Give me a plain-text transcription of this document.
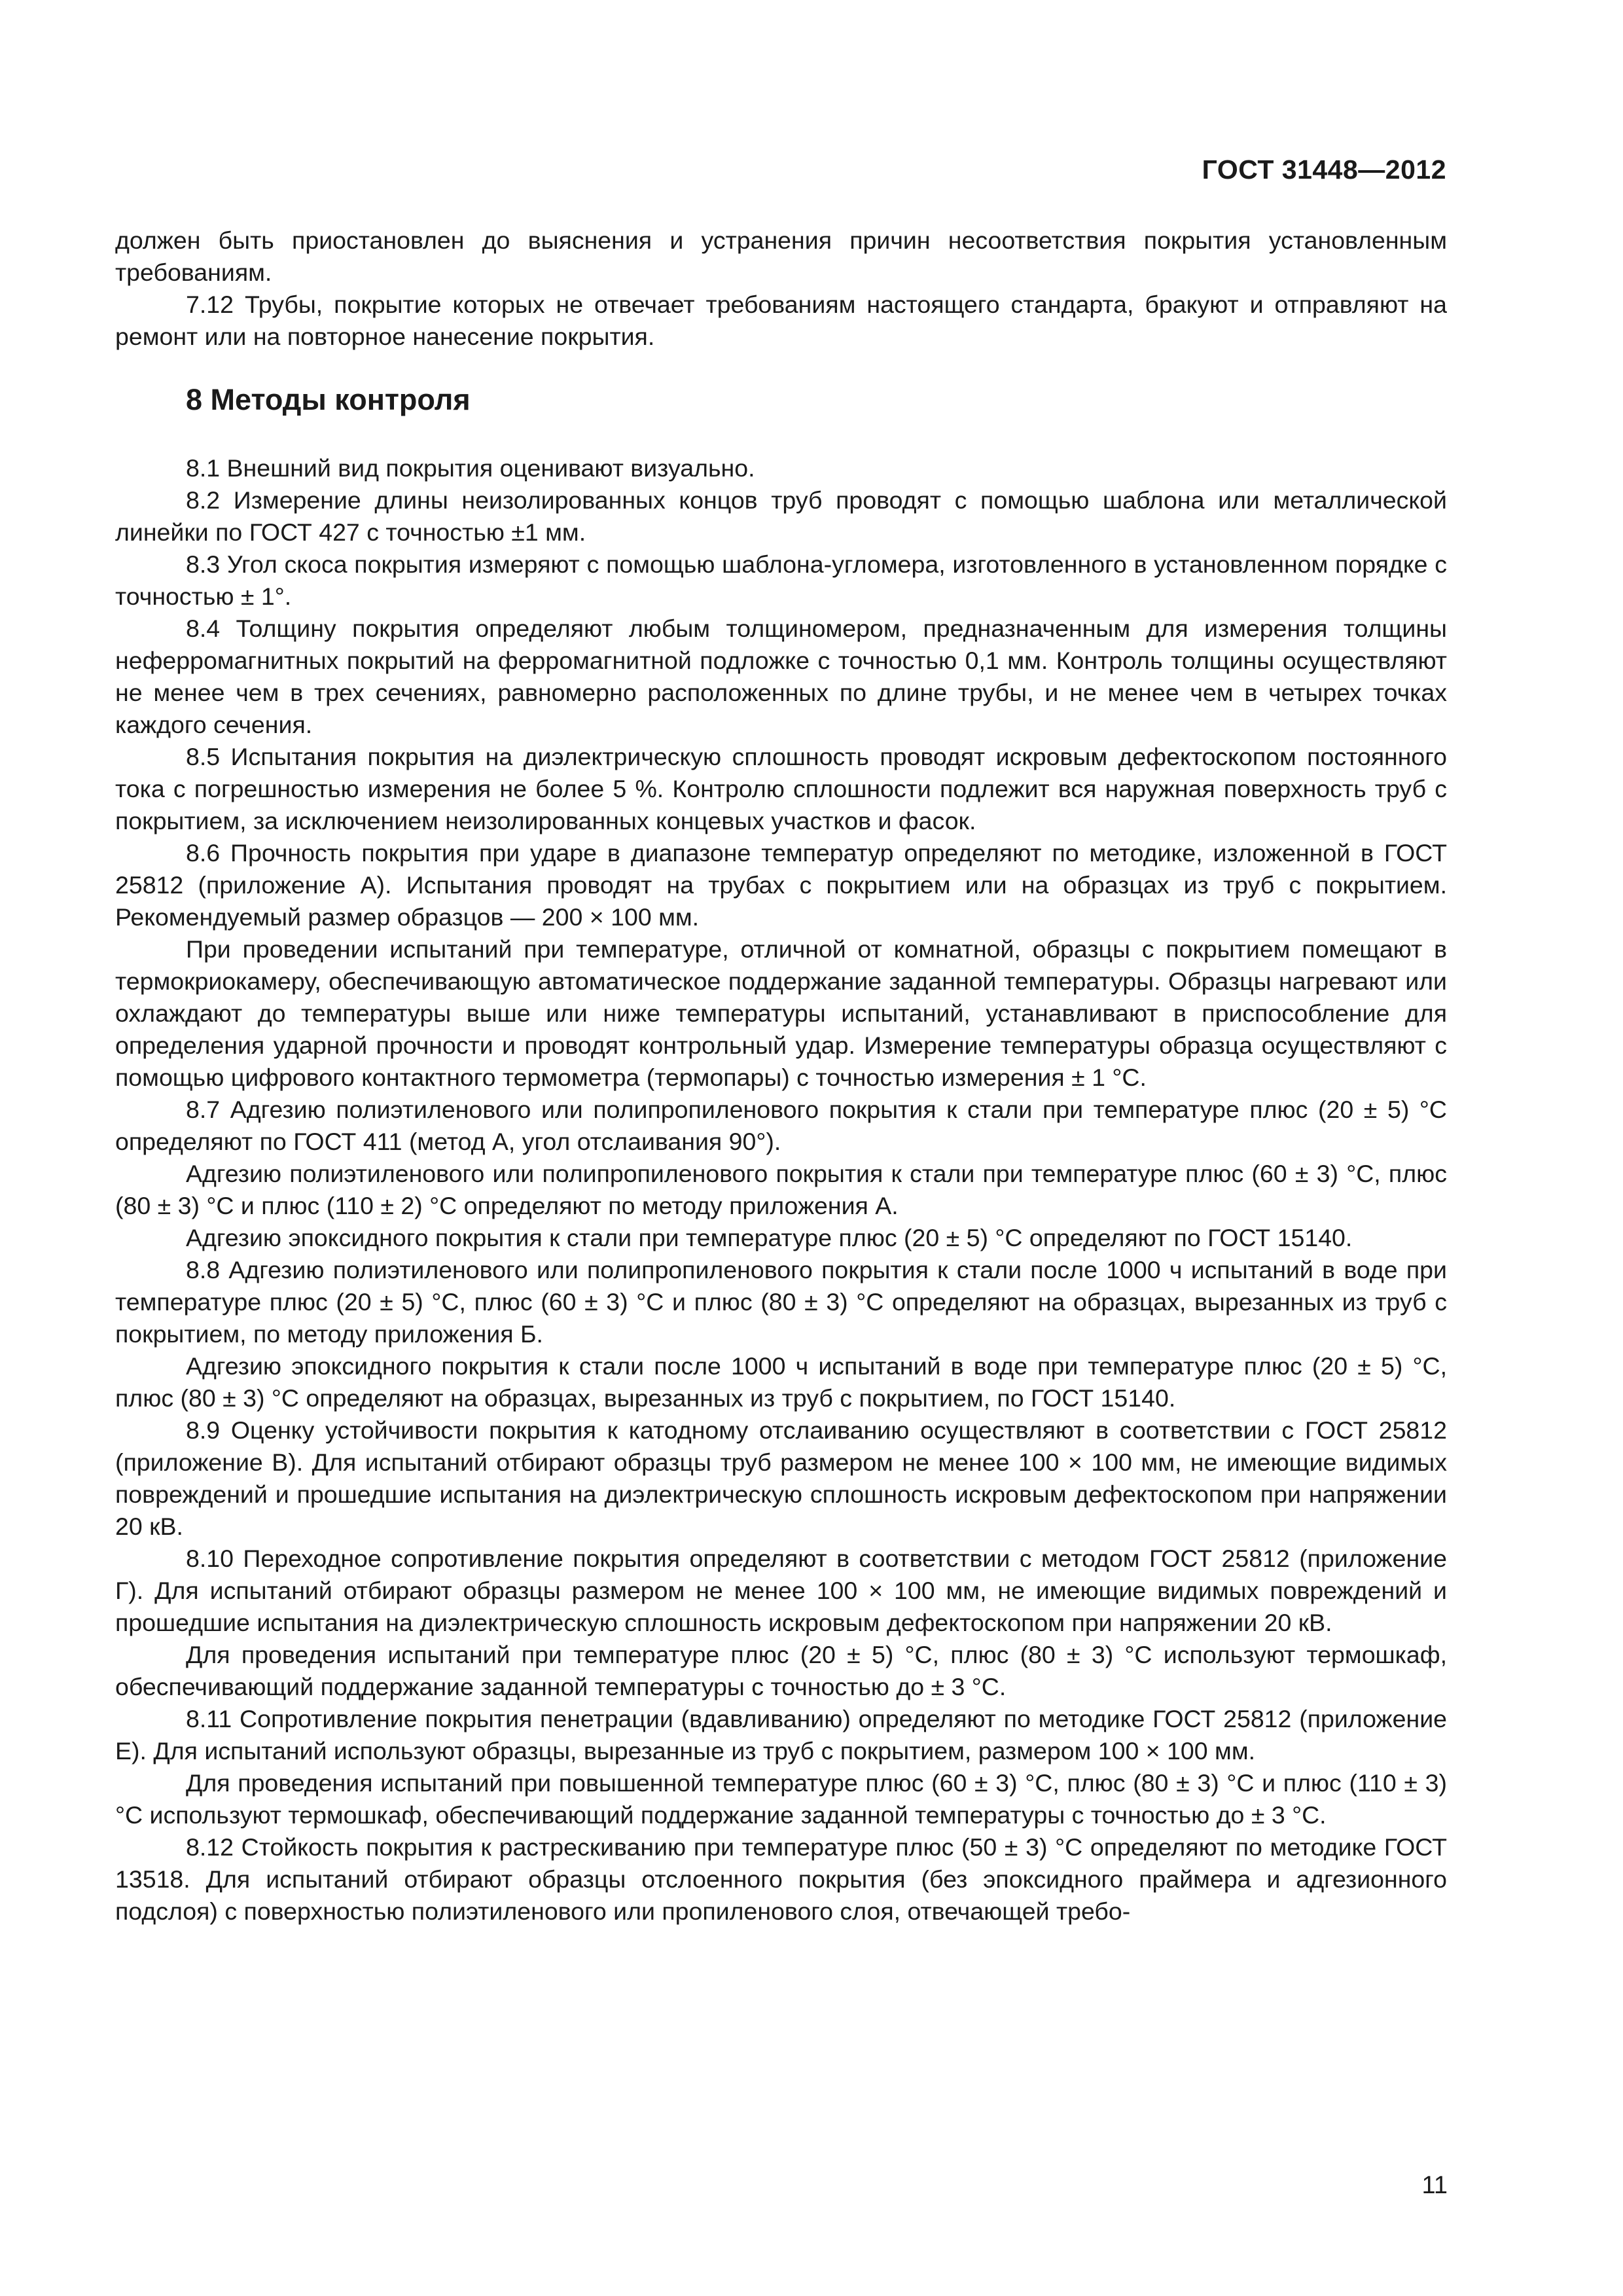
ГОСТ 31448—2012

должен быть приостановлен до выяснения и устранения причин несоответствия покрытия установленным требованиям.

7.12 Трубы, покрытие которых не отвечает требованиям настоящего стандарта, бракуют и отправляют на ремонт или на повторное нанесение покрытия.

8 Методы контроля

8.1 Внешний вид покрытия оценивают визуально.

8.2 Измерение длины неизолированных концов труб проводят с помощью шаблона или металлической линейки по ГОСТ 427 с точностью ±1 мм.

8.3 Угол скоса покрытия измеряют с помощью шаблона-угломера, изготовленного в установленном порядке с точностью ± 1°.

8.4 Толщину покрытия определяют любым толщиномером, предназначенным для измерения толщины неферромагнитных покрытий на ферромагнитной подложке с точностью 0,1 мм. Контроль толщины осуществляют не менее чем в трех сечениях, равномерно расположенных по длине трубы, и не менее чем в четырех точках каждого сечения.

8.5 Испытания покрытия на диэлектрическую сплошность проводят искровым дефектоскопом постоянного тока с погрешностью измерения не более 5 %. Контролю сплошности подлежит вся наружная поверхность труб с покрытием, за исключением неизолированных концевых участков и фасок.

8.6 Прочность покрытия при ударе в диапазоне температур определяют по методике, изложенной в ГОСТ 25812 (приложение А). Испытания проводят на трубах с покрытием или на образцах из труб с покрытием. Рекомендуемый размер образцов — 200 × 100 мм.

При проведении испытаний при температуре, отличной от комнатной, образцы с покрытием помещают в термокриокамеру, обеспечивающую автоматическое поддержание заданной температуры. Образцы нагревают или охлаждают до температуры выше или ниже температуры испытаний, устанавливают в приспособление для определения ударной прочности и проводят контрольный удар. Измерение температуры образца осуществляют с помощью цифрового контактного термометра (термопары) с точностью измерения ± 1 °С.

8.7 Адгезию полиэтиленового или полипропиленового покрытия к стали при температуре плюс (20 ± 5) °С определяют по ГОСТ 411 (метод А, угол отслаивания 90°).

Адгезию полиэтиленового или полипропиленового покрытия к стали при температуре плюс (60 ± 3) °С, плюс (80 ± 3) °С и плюс (110 ± 2) °С определяют по методу приложения А.

Адгезию эпоксидного покрытия к стали при температуре плюс (20 ± 5) °С определяют по ГОСТ 15140.

8.8 Адгезию полиэтиленового или полипропиленового покрытия к стали после 1000 ч испытаний в воде при температуре плюс (20 ± 5) °С, плюс (60 ± 3) °С и плюс (80 ± 3) °С определяют на образцах, вырезанных из труб с покрытием, по методу приложения Б.

Адгезию эпоксидного покрытия к стали после 1000 ч испытаний в воде при температуре плюс (20 ± 5) °С, плюс (80 ± 3) °С определяют на образцах, вырезанных из труб с покрытием, по ГОСТ 15140.

8.9 Оценку устойчивости покрытия к катодному отслаиванию осуществляют в соответствии с ГОСТ 25812 (приложение В). Для испытаний отбирают образцы труб размером не менее 100 × 100 мм, не имеющие видимых повреждений и прошедшие испытания на диэлектрическую сплошность искровым дефектоскопом при напряжении 20 кВ.

8.10 Переходное сопротивление покрытия определяют в соответствии с методом ГОСТ 25812 (приложение Г). Для испытаний отбирают образцы размером не менее 100 × 100 мм, не имеющие видимых повреждений и прошедшие испытания на диэлектрическую сплошность искровым дефектоскопом при напряжении 20 кВ.

Для проведения испытаний при температуре плюс (20 ± 5) °С, плюс (80 ± 3) °С используют термошкаф, обеспечивающий поддержание заданной температуры с точностью до ± 3 °С.

8.11 Сопротивление покрытия пенетрации (вдавливанию) определяют по методике ГОСТ 25812 (приложение Е). Для испытаний используют образцы, вырезанные из труб с покрытием, размером 100 × 100 мм.

Для проведения испытаний при повышенной температуре плюс (60 ± 3) °С, плюс (80 ± 3) °С и плюс (110 ± 3) °С используют термошкаф, обеспечивающий поддержание заданной температуры с точностью до ± 3 °С.

8.12 Стойкость покрытия к растрескиванию при температуре плюс (50 ± 3) °С определяют по методике ГОСТ 13518. Для испытаний отбирают образцы отслоенного покрытия (без эпоксидного праймера и адгезионного подслоя) с поверхностью полиэтиленового или пропиленового слоя, отвечающей требо-

11
